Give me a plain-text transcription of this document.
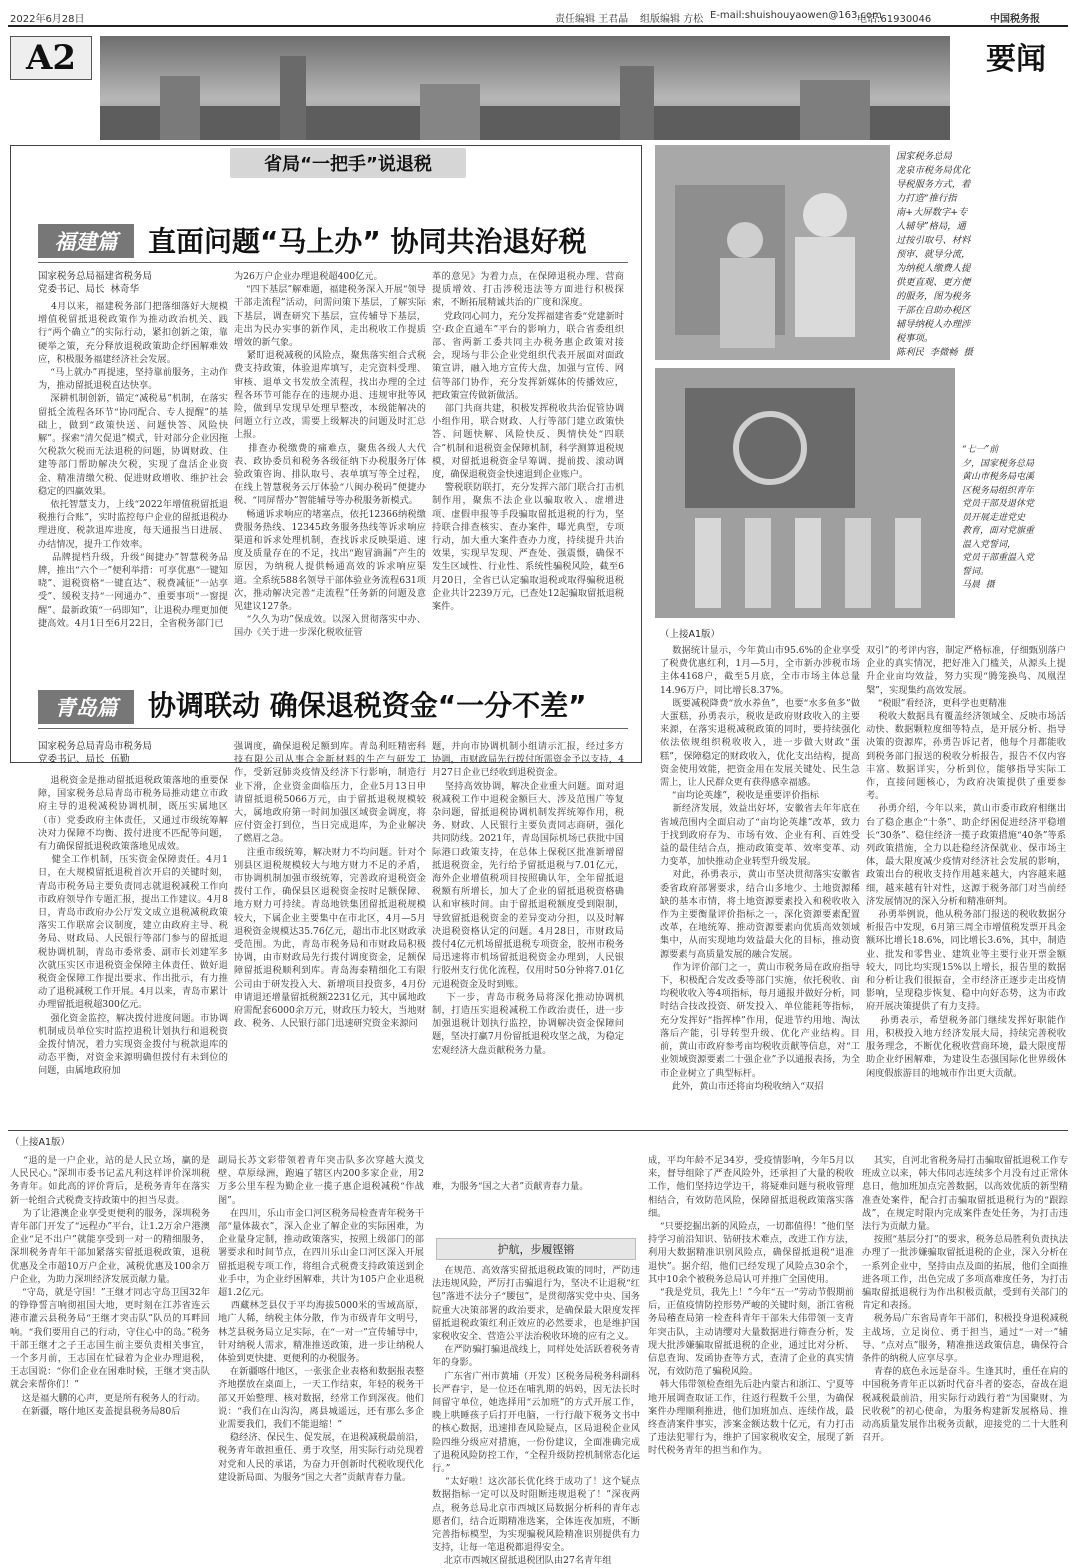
2022年6月28日	责任编辑 王君晶 组版编辑 方松 E-mail:shuishouyaowen@163.com
电话:61930046	中国税务报
A2	要闻
省局“一把手”说退税
福建篇	直面问题“马上办” 协同共治退好税
国家税务总局福建省税务局
党委书记、局长  林奇华
4月以来，福建税务部门把落细落好大规模增值税留抵退税政策作为推动政治机关、践行“两个确立”的实际行动，紧扣创新之策，靠硬举之策，充分释放退税政策助企纾困解难效应，积极服务福建经济社会发展。
“马上就办”再提速，坚持靠前服务，主动作为，推动留抵退税直达快享。
深耕机制创新，锚定“减税易”机制，在落实留抵全流程各环节“协同配合、专人提醒”的基础上，做到“政策快送、问题快答、风险快解”。探索“清欠促退”模式，针对部分企业因拖欠税款欠税而无法退税的问题，协调财政、住建等部门帮助解决欠税，实现了盘活企业资金、精准清缴欠税、促进财政增收、维护社会稳定的四赢效果。
依托智慧支力，上线“2022年增值税留抵退税推行合账”，实时监控每户企业的留抵退税办理进度、税款退库进度，每天通报当日进展、办结情况，提升工作效率。
品牌提档升级，升级“闽捷办”智慧税务品牌，推出“六个一”便利举措：可享优惠“一键知晓”、退税资格“一键直达”、税费减征“一站享受”、缓税支持“一网通办”、重要事项“一窗提醒”、最新政策“一码即知”，让退税办理更加便捷高效。4月1日至6月22日，全省税务部门已
为26万户企业办理退税超400亿元。
“四下基层”解难题，福建税务深入开展“领导干部走流程”活动，问需问策下基层，了解实际下基层，调查研究下基层，宣传辅导下基层，走出为民办实事的新作风，走出税收工作提质增效的新气象。
紧盯退税减税的风险点，聚焦落实组合式税费支持政策，体验退库填写，走完资料受理、审核、退单文书发放全流程，找出办理的全过程各环节可能存在的违规办退、违规审批等风险，做到早发现早处理早整改，本级能解决的问题立行立改，需要上级解决的问题及时汇总上报。
排查办税缴费的痛难点，聚焦各级人大代表、政协委员和税务各级征纳下办税服务厅体验政策咨询、排队取号、表单填写等全过程，在线上智慧税务云厅体验“八闽办税码”便捷办税、“同屏帮办”智能辅导等办税服务新模式。
畅通诉求响应的堵塞点，依托12366纳税缴费服务热线、12345政务服务热线等诉求响应渠道和诉求处理机制，查找诉求反映渠道、速度及质量存在的不足，找出“跑冒滴漏”产生的原因，为纳税人提供畅通高效的诉求响应渠道。全系统588名领导干部体验业务流程631项次，推动解决完善“走流程”任务新的问题及意见建议127条。
“久久为功”保成效。以深入贯彻落实中办、国办《关于进一步深化税收征管
革的意见》为着力点，在保障退税办理、营商提质增效、打击涉税违法等方面进行积极探索，不断拓展精诚共治的广度和深度。
党政同心同力，充分发挥福建省委“党建新时空·政企直通车”平台的影响力，联合省委组织部、省两新工委共同主办税务惠企政策对接会，现场与非公企业党组织代表开展面对面政策宣讲，融入地方宣传大盘，加强与宣传、网信等部门协作，充分发挥新媒体的传播效应，把政策宣传做新做活。
部门共商共建，积极发挥税收共治促管协调小组作用，联合财政、人行等部门建立政策快答、问题快解、风险快反、舆情快处“四联合”机制和退税资金保障机制，科学测算退税规模，对留抵退税资金早筹调、提前拨、滚动调度，确保退税资金快速退到企业账户。
警税联防联打，充分发挥六部门联合打击机制作用，聚焦不法企业以骗取收入、虚增进项、虚假申报等手段骗取留抵退税的行为，坚持联合排查核实、查办案件，曝光典型，专项行动，加大重大案件查办力度，持续提升共治效果，实现早发现、严查处、强震慑，确保不发生区域性、行业性、系统性骗税风险，截至6月20日，全省已认定骗取退税或取得骗税退税企业共计2239万元，已查处12起骗取留抵退税案件。
青岛篇	协调联动 确保退税资金“一分不差”
国家税务总局青岛市税务局
党委书记、局长  伍勤
退税资金是推动留抵退税政策落地的重要保障，国家税务总局青岛市税务局推动建立市政府主导的退税减税协调机制，既压实属地区（市）党委政府主体责任，又通过市级统筹解决对力保障不均衡、拨付进度不匹配等问题，有力确保留抵退税政策落地见成效。
健全工作机制，压实资金保障责任。4月1日，在大规模留抵退税首次开启的关键时刻，青岛市税务局主要负责同志就退税减税工作向市政府领导作专题汇报，提出工作建议。4月8日，青岛市政府办公厅发文成立退税减税政策落实工作联席会议制度，建立由政府主导、税务局、财政局、人民银行等部门参与的留抵退税协调机制，青岛市委常委、副市长刘建军多次就压实区市退税资金保障主体责任、做好退税资金保障工作提出要求、作出批示，有力推动了退税减税工作开展。4月以来，青岛市累计办理留抵退税超300亿元。
强化资金监控，解决拨付进度问题。市协调机制成员单位实时监控退税计划执行和退税资金拨付情况，着力实现资金拨付与税款退库的动态平衡，对资金来源明确但拨付有未到位的问题，由属地政府加
强调度，确保退税足额到库。青岛利旺精密科技有限公司从事合金新材料的生产与研发工作，受新冠肺炎疫情及经济下行影响，制造行业下滑，企业资金面临压力，企业5月13日申请留抵退税5066万元，由于留抵退税规模较大，属地政府第一时间加强区域资金调度，将应付资金打到位，当日完成退库，为企业解决了燃眉之急。
注重市级统筹，解决财力不均问题。针对个别县区退税规模较大与地方财力不足的矛盾，市协调机制加强市级统筹，完善政府退税资金拨付工作，确保县区退税资金按时足额保障、地方财力可持续。青岛地铁集团留抵退税规模较大，下属企业主要集中在市北区，4月—5月退税资金规模达35.76亿元，超出市北区财政承受范围。为此，青岛市税务局和市财政局积极协调，由市财政局先行拨付调度资金，足额保障留抵退税顺利到库。青岛海泰精细化工有限公司由于研发投入大、新增项目投资多，4月份申请退还增量留抵税额2231亿元，其中属地政府需配套6000余万元，财政压力较大，当地财政、税务、人民银行部门迅速研究资金来源问
题，并向市协调机制小组请示汇报，经过多方协调，市财政局先行拨付所需资金予以支持，4月27日企业已经收到退税资金。
坚持高效协调，解决企业重大问题。面对退税减税工作中退税金额巨大、涉及范围广等复杂问题，留抵退税协调机制发挥统筹作用，税务、财政、人民银行主要负责同志商研，强化共同防线。2021年，青岛国际机场已获批中国际港口政策支持，在总体上保税区批准新增留抵退税资金，先行给予留抵退税与7.01亿元，海外企业增值税项目按照确认年，全年留抵退税额有所增长，加大了企业的留抵退税资格确认和审核时间。由于留抵退税额度受到限制，导致留抵退税资金的差异变动分担，以及时解决退税资格认定的问题。4月28日，市财政局拨付4亿元机场留抵退税专项资金，胶州市税务局迅速将市机场留抵退税资金办理到，人民银行胶州支行优化流程，仅用时50分钟将7.01亿元退税资金及时到账。
下一步，青岛市税务局将深化推动协调机制，打造压实退税减税工作政治责任，进一步加强退税计划执行监控，协调解决资金保障问题，坚决打赢7月份留抵退税攻坚之战，为稳定宏观经济大盘贡献税务力量。
国家税务总局
龙泉市税务局优化
导税服务方式，着
力打造“推行指
南+大屏数字+专
人辅导”格局，通
过按引取号、材料
预审、就导分流，
为纳税人缴费人提
供更直观、更方便
的服务，图为税务
干部在自助办税区
辅导纳税人办理涉
税事项。
陈利民  李微畅  摄
“七一”前
夕，国家税务总局
黄山市税务局屯溪
区税务局组织青年
党员干部及退休党
员开展走进党史
教育，面对党旗重
温入党誓词，
党员干部重温入党
誓词。
马晨  摄
（上接A1版）
数据统计显示，今年黄山市95.6%的企业享受了税费优惠红利，1月—5月，全市新办涉税市场主体4168户，截至5月底，全市市场主体总量14.96万户，同比增长8.37%。
既要减税降费“放水养鱼”，也要“水多鱼多”做大蛋糕，孙勇表示，税收是政府财政收入的主要来源，在落实退税减税政策的同时，要持续强化依法依规组织税收收入，进一步做大财政“蛋糕”，保障稳定的财政收入，优化支出结构，提高资金使用效能，把资金用在发展关键处、民生急需上，让人民群众更有获得感幸福感。
“亩均论英雄”，税收是重要评价指标
新经济发展，效益出好坏，安徽省去年年底在省域范围内全面启动了“亩均论英雄”改革，致力于找到政府存为、市场有效、企业有利、百姓受益的最佳结合点，推动政策变革、效率变革、动力变革，加快推动企业转型升级发展。
对此，孙勇表示，黄山市坚决贯彻落实安徽省委省政府部署要求，结合山多地少、土地资源稀缺的基本市情，将土地资源要素投入和税收收入作为主要衡量评价指标之一，深化资源要素配置改革，在地统筹、推动资源要素向优质高效领域集中，从而实现地均效益最大化的目标，推动资源要素与高质量发展的融合发展。
作为评价部门之一，黄山市税务局在政府指导下，积极配合发改委等部门实施，依托税收、亩均税收收入等4项指标，每月通报并做好分析，同时结合技改投资、研发投入、单位能耗等指标，充分发挥好“指挥棒”作用，促进节约用地、淘汰落后产能，引导转型升级、优化产业结构。目前，黄山市政府参考亩均税收贡献等信息，对“工业领域资源要素二十强企业”予以通报表扬，为全市企业树立了典型标杆。
此外，黄山市还将亩均税收纳入“双招
双引”的考评内容，制定严格标准，仔细甄别落户企业的真实情况，把好准入门槛关，从源头上提升企业亩均效益，努力实现“腾笼换鸟、凤凰涅槃”，实现集约高效发展。
“税眼”看经济，更科学也更精准
税收大数据具有覆盖经济领域全、反映市场活动快、数据颗粒度细等特点，是开展分析、指导决策的资源库，孙勇告诉记者，他每个月都能收到税务部门报送的税收分析报告，报告不仅内容丰富、数据详实，分析到位，能够指导实际工作，直接问题核心，为政府决策提供了重要参考。
孙勇介绍，今年以来，黄山市委市政府相继出台了稳企惠企“十条”、助企纾困促进经济平稳增长“30条”、稳住经济一揽子政策措施“40条”等系列政策措施，全力以赴稳经济保就业、保市场主体，最大限度减少疫情对经济社会发展的影响，政策出台的税收支持作用越来越大，内容越来越细，越来越有针对性，这源于税务部门对当前经济发展情况的深入分析和精准研判。
孙勇举例说，他从税务部门报送的税收数据分析报告中发现，6月第三周全市增值税发票开具金额环比增长18.6%，同比增长3.6%，其中，制造业、批发和零售业、建筑业等主要行业开票金额较大，同比均实现15%以上增长，报告里的数据和分析让我们很振奋，全市经济正逐步走出疫情影响，呈现稳步恢复、稳中向好态势，这为市政府开展决策提供了有力支持。
孙勇表示，希望税务部门继续发挥好职能作用，积极投入地方经济发展大局，持续完善税收服务理念，不断优化税收营商环境，最大限度帮助企业纾困解难，为建设生态强国际化世界级休闲度假旅游目的地城市作出更大贡献。
（上接A1版）
“退的是一户企业，站的是人民立场，赢的是人民民心。”深圳市委书记孟凡利这样评价深圳税务青年。如此高的评价背后，是税务青年在落实新一轮组合式税费支持政策中的担当尽责。
为了让港澳企业享受更便利的服务，深圳税务青年部门开发了“远程办”平台，让1.2万余户港澳企业“足不出户”就能享受到一对一的精细服务，深圳税务青年干部加紧落实留抵退税政策，退税优惠及全市超10万户企业，减税优惠及100余万户企业，为助力深圳经济发展贡献力量。
“守岛，就是守国！”王继才同志守岛卫国32年的铮铮誓言响彻祖国大地，更时刻在江苏省连云港市灌云县税务局“王继才突击队”队员的耳畔回响。“我们要用自己的行动，守住心中的岛。”税务干部王继才之子王志国生前主要负责相关事宜，一个多月前，王志国在忙碌着为企业办理退税，王志国说：“你们企业在困难时候，王继才突击队就会来帮你们！”
这是福大鹏的心声，更是所有税务人的行动。
在新疆，喀什地区麦盖提县税务局80后
副局长苏文彩带领着青年突击队多次穿越大漠戈壁、草原绿洲，跑遍了辖区内200多家企业，用2万多公里车程为勤企业一揽子惠企退税减税“作战图”。
在四川，乐山市金口河区税务局检查青年税务干部“量体裁衣”，深入企业了解企业的实际困难，为企业量身定制，推动政策落实，按照上级部门的部署要求和时间节点，在四川乐山金口河区深入开展留抵退税专项工作，将组合式税费支持政策送到企业手中，为企业纾困解难，共计为105户企业退税超1.2亿元。
西藏林芝县仅于平均海拔5000米的雪域高原，地广人稀，纳税主体分散，作为市级青年文明号，林芝县税务局立足实际，在“一对一”宣传辅导中，针对纳税人需求，精准推送政策，进一步让纳税人体验到更快捷、更便利的办税服务。
在新疆喀什地区，一张张企业表格和数据报表整齐地摆放在桌面上，一天工作结束，年轻的税务干部又开始整理、核对数据，经常工作到深夜。他们说：“我们在山沟沟，离县城遥远，还有那么多企业需要我们，我们不能退缩！”
稳经济、保民生、促发展，在退税减税最前沿，税务青年敢担重任、勇于攻坚，用实际行动兑现着对党和人民的承诺，为奋力开创新时代税收现代化建设新局面、为服务“国之大者”贡献青春力量。
护航，步履铿锵

难，为服务“国之大者”贡献青春力量。

在规范、高效落实留抵退税政策的同时，严防违法违规风险，严厉打击骗退行为，坚决不让退税“红包”落进不法分子“腰包”，是贯彻落实党中央、国务院重大决策部署的政治要求，是确保最大限度发挥留抵退税政策红利正效应的必然要求，也是维护国家税收安全、营造公平法治税收环境的应有之义。
在严防骗打骗退战线上，同样处处活跃着税务青年的身影。
广东省广州市黄埔（开发）区税务局税务科副科长严春宇，是一位还在哺乳期的妈妈，因无法长时间留守单位，她选择用“云加班”的方式开展工作，晚上哄睡孩子后打开电脑，一行行敲下税务文书中的核心数据，迅速排查风险疑点，区局退税企业风险四维分级应对措施，一份份建议，全面准确完成了退税风险防控工作，“全程升级防控机制常态化运行。”
“太好啦！这次部长优化终于成功了！这个疑点数据指标一定可以及时阻断违规退税了！”深夜两点，税务总局北京市西城区局数据分析科的青年志愿者们，结合近期精准选案，全体连夜加班，不断完善指标模型，为实现骗税风险精准识别提供有力支持，让每一笔退税都退得安全。
北京市西城区留抵退税团队由27名青年组
成，平均年龄不足34岁，受疫情影响，今年5月以来，督导组除了严查风险外，还承担了大量的税收工作，他们坚持边学边干，将疑难问题与税收管理相结合，有效防范风险，保障留抵退税政策落实落细。
“只要挖掘出新的风险点，一切都值得！”他们坚持学习前沿知识、钻研技术难点，改进工作方法，利用大数据精准识别风险点，确保留抵退税“退准退快”。据介绍，他们已经发现了风险点30余个，其中10余个被税务总局认可并推广全国使用。
“我是党员，我先上！”今年“五一”劳动节假期前后，正值疫情防控形势严峻的关键时刻，浙江省税务局稽查局第一检查科青年干部朱大伟带领一支青年突击队，主动请缨对大量数据进行筛查分析，发现大批涉嫌骗取留抵退税的企业，通过比对分析、信息查询、发函协查等方式，查清了企业的真实情况，有效防范了骗税风险。
韩大伟带领检查组先后赴内蒙古和浙江、宁夏等地开展调查取证工作，往返行程数千公里，为确保案件办理顺利推进，他们加班加点、连续作战，最终查清案件事实，涉案金额达数十亿元，有力打击了违法犯罪行为，维护了国家税收安全，展现了新时代税务青年的担当和作为。
其实，自河北省税务局打击骗取留抵退税工作专班成立以来，韩大伟同志连续多个月没有过正常休息日，他加班加点完善数据，以高效优质的新型精准查处案件，配合打击骗取留抵退税行为的“跟踪战”，在规定时限内完成案件查处任务，为打击违法行为贡献力量。
按照“基层分打”的要求，税务总局胜利负责执法办理了一批涉嫌骗取留抵退税的企业，深入分析在一系列企业中，坚持由点及面的拓展，他们全面推进各项工作，出色完成了多项高难度任务，为打击骗取留抵退税行为作出积极贡献，受到有关部门的肯定和表扬。
税务局广东省局青年干部们，积极投身退税减税主战场，立足岗位、勇于担当，通过“一对一”辅导、“点对点”服务，精准推送政策信息，确保符合条件的纳税人应享尽享。
青春的底色永远是奋斗。生逢其时，重任在肩的中国税务青年正以新时代奋斗者的姿态，奋战在退税减税最前沿，用实际行动践行着“为国聚财、为民收税”的初心使命，为服务构建新发展格局、推动高质量发展作出税务贡献，迎接党的二十大胜利召开。
